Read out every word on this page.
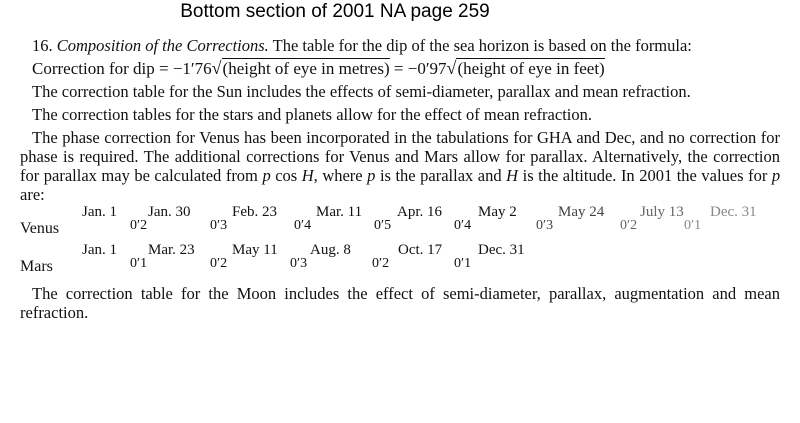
Bottom section of 2001 NA page 259

16. Composition of the Corrections. The table for the dip of the sea horizon is based on the formula:

Correction for dip = −1′76√(height of eye in metres) = −0′97√(height of eye in feet)

The correction table for the Sun includes the effects of semi-diameter, parallax and mean refraction.

The correction tables for the stars and planets allow for the effect of mean refraction.

The phase correction for Venus has been incorporated in the tabulations for GHA and Dec, and no correction for phase is required. The additional corrections for Venus and Mars allow for parallax. Alternatively, the correction for parallax may be calculated from p cos H, where p is the parallax and H is the altitude. In 2001 the values for p are:

Venus
Jan. 1
0′2
Jan. 30
0′3
Feb. 23
0′4
Mar. 11
0′5
Apr. 16
0′4
May 2
0′3
May 24
0′2
July 13
0′1
Dec. 31
Mars
Jan. 1
0′1
Mar. 23
0′2
May 11
0′3
Aug. 8
0′2
Oct. 17
0′1
Dec. 31

The correction table for the Moon includes the effect of semi-diameter, parallax, augmentation and mean refraction.
